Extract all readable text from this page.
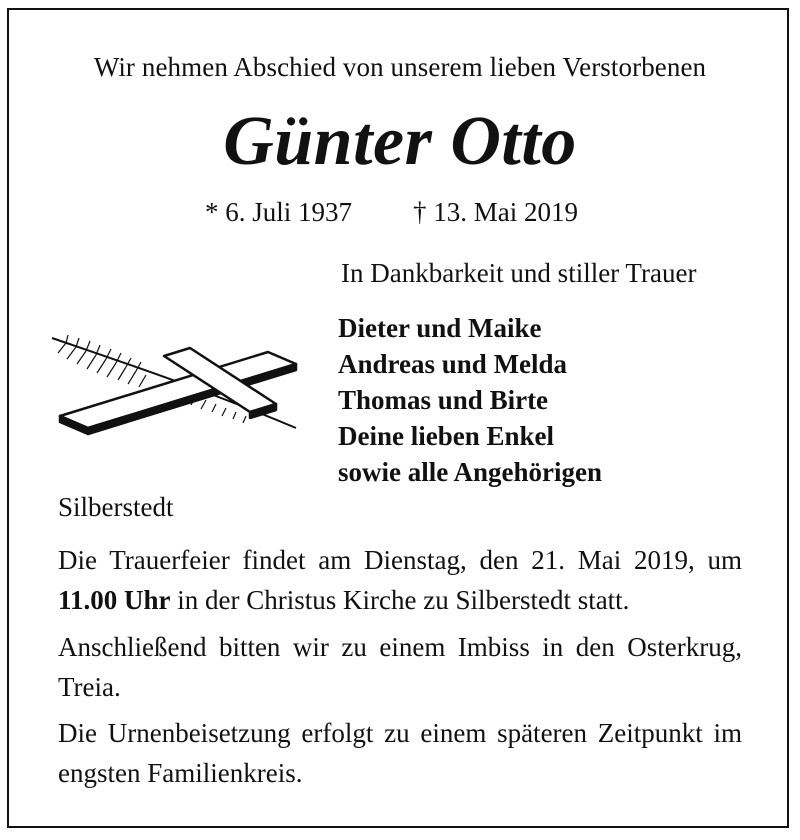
Wir nehmen Abschied von unserem lieben Verstorbenen
Günter Otto
* 6. Juli 1937 † 13. Mai 2019
In Dankbarkeit und stiller Trauer
Dieter und Maike
Andreas und Melda
Thomas und Birte
Deine lieben Enkel
sowie alle Angehörigen
Silberstedt

Die Trauerfeier findet am Dienstag, den 21. Mai 2019, um 11.00 Uhr in der Christus Kirche zu Silberstedt statt.

Anschließend bitten wir zu einem Imbiss in den Osterkrug, Treia.

Die Urnenbeisetzung erfolgt zu einem späteren Zeitpunkt im engsten Familienkreis.
